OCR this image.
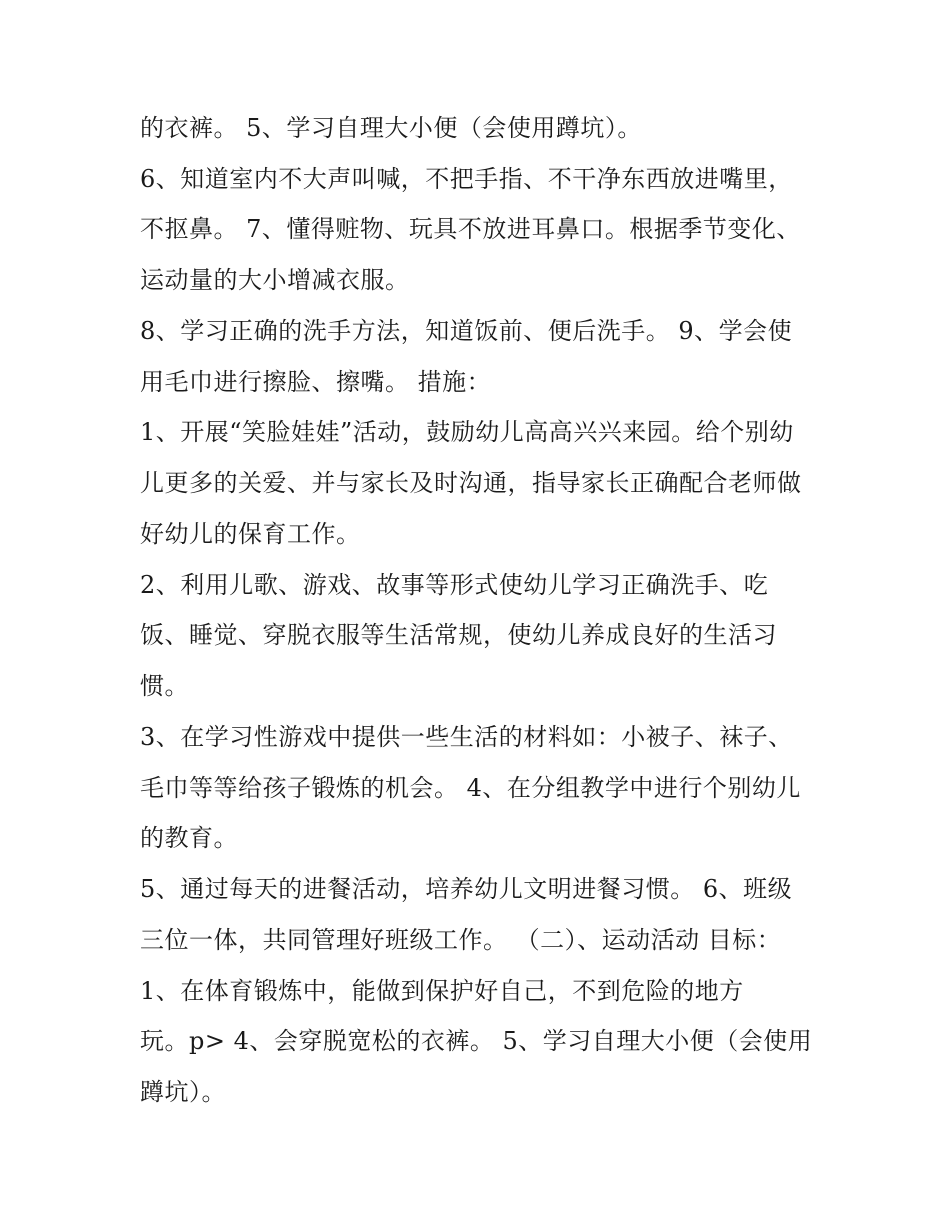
的衣裤。 5、学习自理大小便（会使用蹲坑）。
6、知道室内不大声叫喊，不把手指、不干净东西放进嘴里，
不抠鼻。 7、懂得赃物、玩具不放进耳鼻口。根据季节变化、
运动量的大小增减衣服。
8、学习正确的洗手方法，知道饭前、便后洗手。 9、学会使
用毛巾进行擦脸、擦嘴。 措施：
1、开展“笑脸娃娃”活动，鼓励幼儿高高兴兴来园。给个别幼
儿更多的关爱、并与家长及时沟通，指导家长正确配合老师做
好幼儿的保育工作。
2、利用儿歌、游戏、故事等形式使幼儿学习正确洗手、吃
饭、睡觉、穿脱衣服等生活常规，使幼儿养成良好的生活习
惯。
3、在学习性游戏中提供一些生活的材料如：小被子、袜子、
毛巾等等给孩子锻炼的机会。 4、在分组教学中进行个别幼儿
的教育。
5、通过每天的进餐活动，培养幼儿文明进餐习惯。 6、班级
三位一体，共同管理好班级工作。 （二）、运动活动 目标：
1、在体育锻炼中，能做到保护好自己，不到危险的地方
玩。p> 4、会穿脱宽松的衣裤。 5、学习自理大小便（会使用
蹲坑）。
